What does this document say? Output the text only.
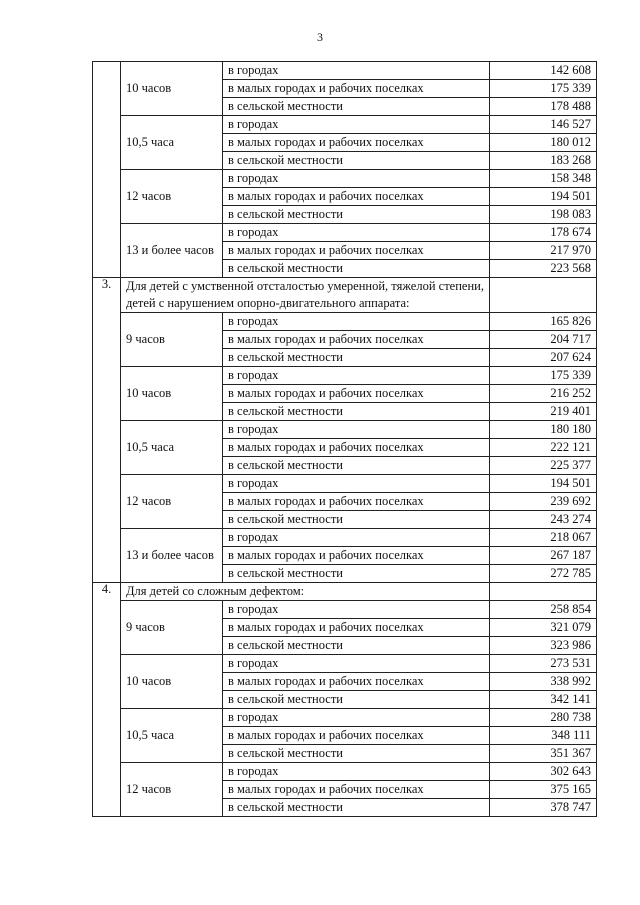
3
	10 часов	в городах	142 608
		в малых городах и рабочих поселках	175 339
		в сельской местности	178 488
	10,5 часа	в городах	146 527
		в малых городах и рабочих поселках	180 012
		в сельской местности	183 268
	12 часов	в городах	158 348
		в малых городах и рабочих поселках	194 501
		в сельской местности	198 083
	13 и более часов	в городах	178 674
		в малых городах и рабочих поселках	217 970
		в сельской местности	223 568
3.	Для детей с умственной отсталостью умеренной, тяжелой степени, детей с нарушением опорно-двигательного аппарата:		
	9 часов	в городах	165 826
		в малых городах и рабочих поселках	204 717
		в сельской местности	207 624
	10 часов	в городах	175 339
		в малых городах и рабочих поселках	216 252
		в сельской местности	219 401
	10,5 часа	в городах	180 180
		в малых городах и рабочих поселках	222 121
		в сельской местности	225 377
	12 часов	в городах	194 501
		в малых городах и рабочих поселках	239 692
		в сельской местности	243 274
	13 и более часов	в городах	218 067
		в малых городах и рабочих поселках	267 187
		в сельской местности	272 785
4.	Для детей со сложным дефектом:		
	9 часов	в городах	258 854
		в малых городах и рабочих поселках	321 079
		в сельской местности	323 986
	10 часов	в городах	273 531
		в малых городах и рабочих поселках	338 992
		в сельской местности	342 141
	10,5 часа	в городах	280 738
		в малых городах и рабочих поселках	348 111
		в сельской местности	351 367
	12 часов	в городах	302 643
		в малых городах и рабочих поселках	375 165
		в сельской местности	378 747
